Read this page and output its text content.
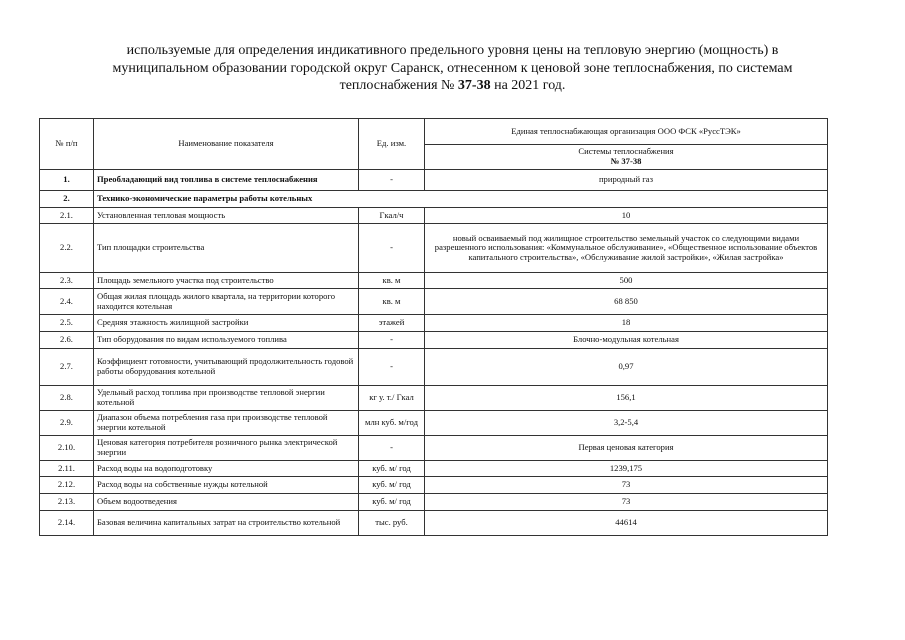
используемые для определения индикативного предельного уровня цены на тепловую энергию (мощность) в
муниципальном образовании городской округ Саранск, отнесенном к ценовой зоне теплоснабжения, по системам
теплоснабжения № 37-38 на 2021 год.
№ п/п	Наименование показателя	Ед. изм.	Единая теплоснабжающая организация ООО ФСК «РуссТЭК»

			Системы теплоснабжения
№ 37-38

1.	Преобладающий вид топлива в системе теплоснабжения	-	природный газ
2.	Технико-экономические параметры работы котельных		
2.1.	Установленная тепловая мощность	Гкал/ч	10
2.2.	Тип площадки строительства	-	новый осваиваемый под жилищное строительство земельный участок со следующими видами разрешенного использования: «Коммунальное обслуживание», «Общественное использование объектов капитального строительства», «Обслуживание жилой застройки», «Жилая застройка»
2.3.	Площадь земельного участка под строительство	кв. м	500
2.4.	Общая жилая площадь жилого квартала, на территории которого находится котельная	кв. м	68 850
2.5.	Средняя этажность жилищной застройки	этажей	18
2.6.	Тип оборудования по видам используемого топлива	-	Блочно-модульная котельная
2.7.	Коэффициент готовности, учитывающий продолжительность годовой работы оборудования котельной	-	0,97
2.8.	Удельный расход топлива при производстве тепловой энергии котельной	кг у. т./ Гкал	156,1
2.9.	Диапазон объема потребления газа при производстве тепловой энергии котельной	млн куб. м/год	3,2-5,4
2.10.	Ценовая категория потребителя розничного рынка электрической энергии	-	Первая ценовая категория
2.11.	Расход воды на водоподготовку	куб. м/ год	1239,175
2.12.	Расход воды на собственные нужды котельной	куб. м/ год	73
2.13.	Объем водоотведения	куб. м/ год	73
2.14.	Базовая величина капитальных затрат на строительство котельной	тыс. руб.	44614
